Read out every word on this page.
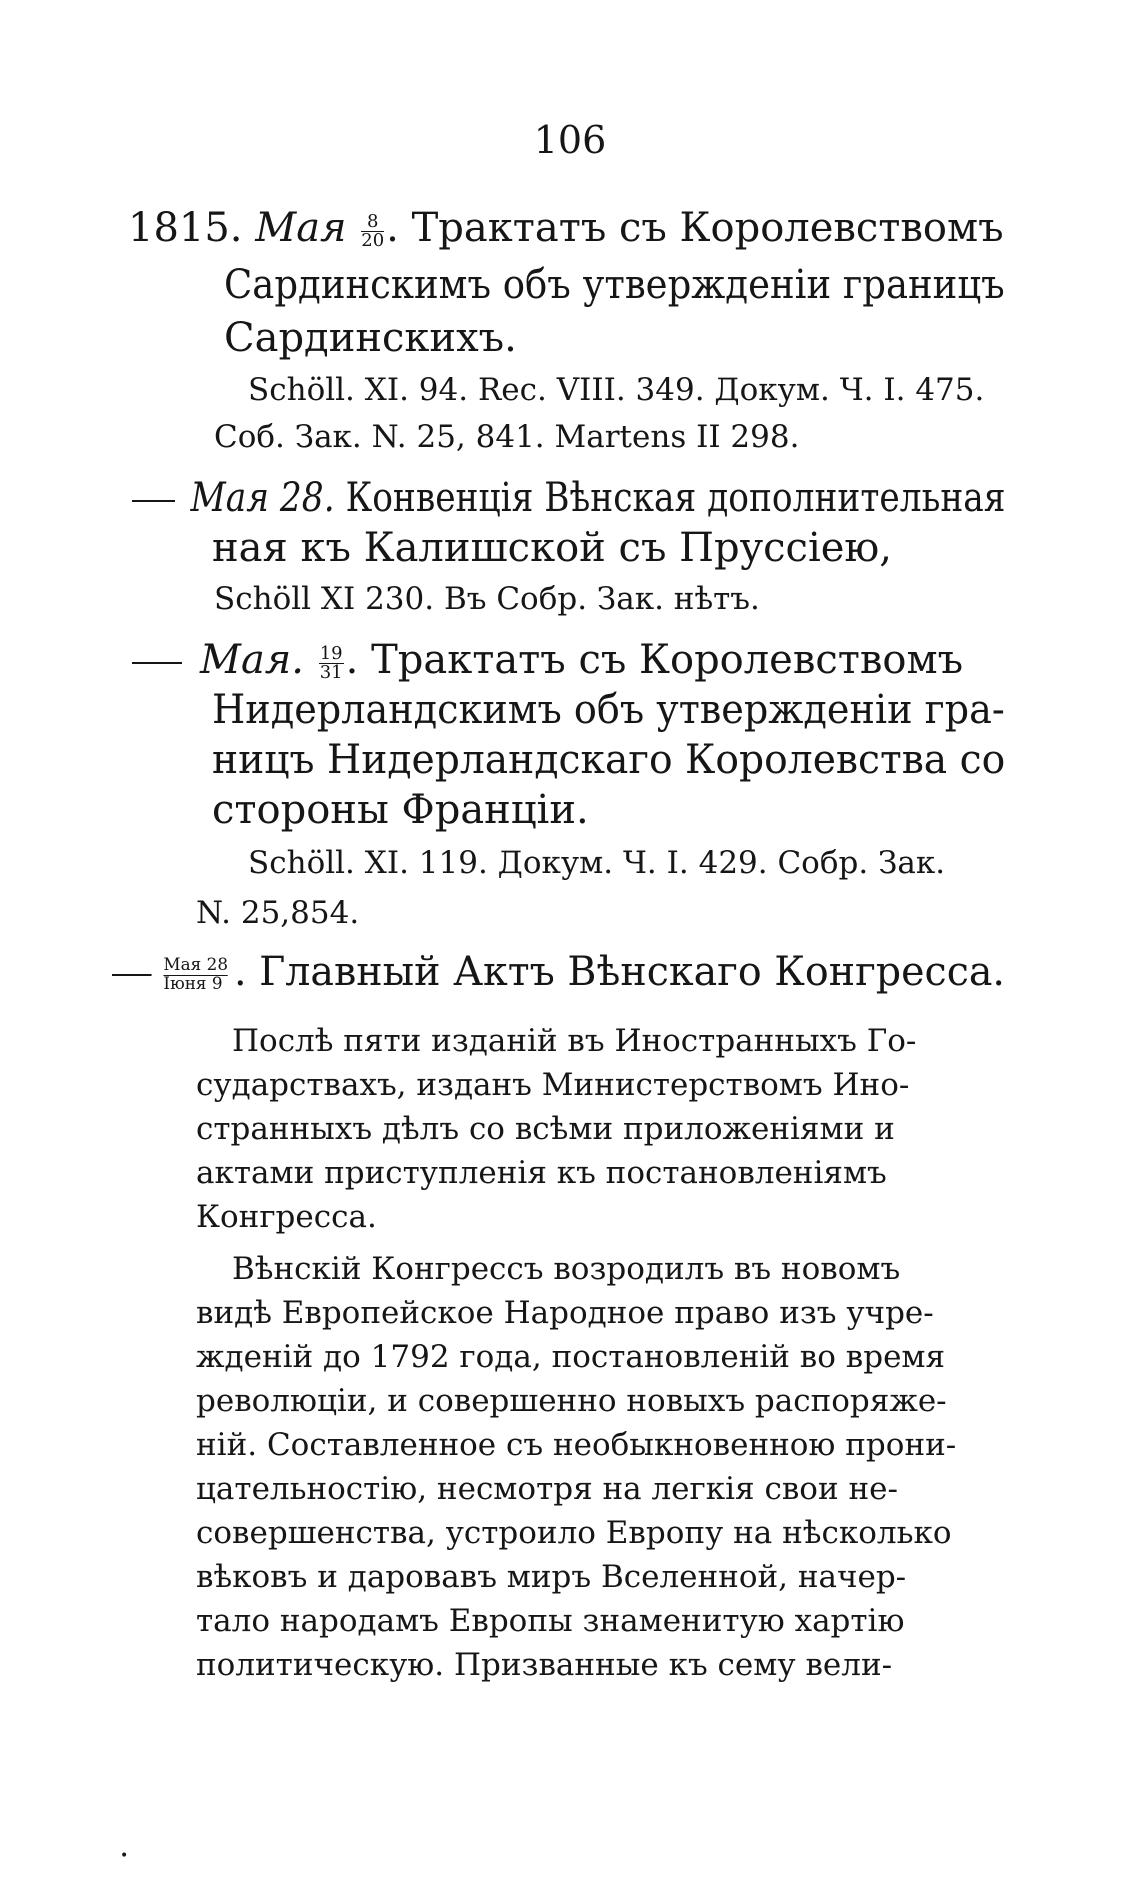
106
1815. Мая $\frac{8}{20}$ . Трактатъ съ Королевствомъ
Сардинскимъ объ утвержденіи границъ
Сардинскихъ.
Schöll. XI. 94. Rec. VIII. 349. Докум. Ч. I. 475.
Соб. Зак. N. 25, 841. Martens II 298.
Мая 28. Конвенція Вѣнская дополнительная
ная къ Калишской съ Пруссіею,
Schöll XI 230. Въ Собр. Зак. нѣтъ.
Мая. $\frac{19}{31}$ . Трактатъ съ Королевствомъ
Нидерландскимъ объ утвержденіи гра-
ницъ Нидерландскаго Королевства со
стороны Франціи.
Schöll. XI. 119. Докум. Ч. I. 429. Собр. Зак.
N. 25,854.
Мая 28
Іюня 9 . Главный Актъ Вѣнскаго Конгресса.
Послѣ пяти изданій въ Иностранныхъ Го-
сударствахъ, изданъ Министерствомъ Ино-
странныхъ дѣлъ со всѣми приложеніями и
актами приступленія къ постановленіямъ
Конгресса.
Вѣнскій Конгрессъ возродилъ въ новомъ
видѣ Европейское Народное право изъ учре-
жденій до 1792 года, постановленій во время
революціи, и совершенно новыхъ распоряже-
ній. Составленное съ необыкновенною прони-
цательностію, несмотря на легкія свои не-
совершенства, устроило Европу на нѣсколько
вѣковъ и даровавъ миръ Вселенной, начер-
тало народамъ Европы знаменитую хартію
политическую. Призванные къ сему вели-
•
